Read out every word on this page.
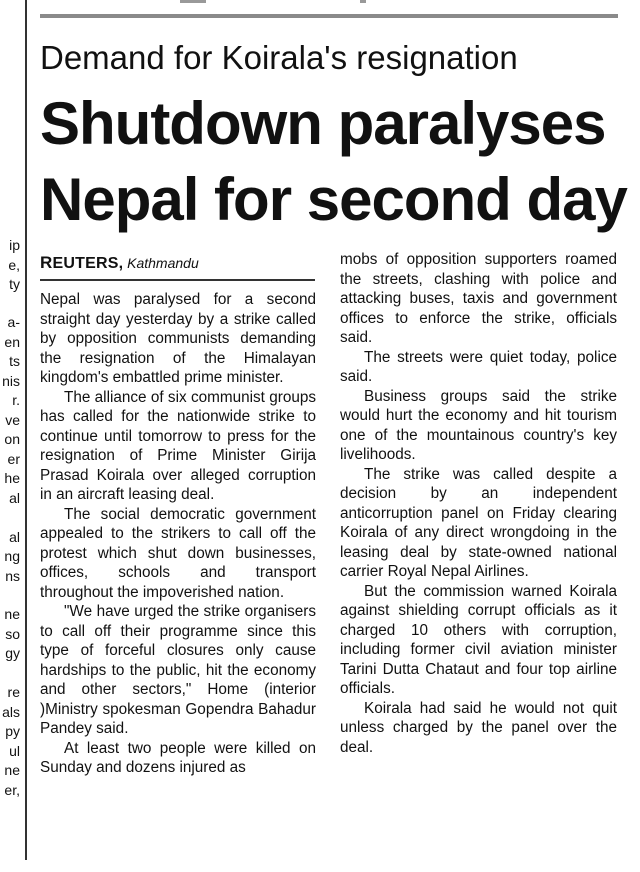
ip
e,
ty
a-
en
ts
nis
r.
ve
on
er
he
al
al
ng
ns
ne
so
gy
re
als
py
ul
ne
er,
Demand for Koirala's resignation
Shutdown paralyses
Nepal for second day
REUTERS, Kathmandu

Nepal was paralysed for a second straight day yesterday by a strike called by opposition communists demanding the resignation of the Himalayan kingdom's embattled prime minister.

The alliance of six communist groups has called for the nationwide strike to continue until tomorrow to press for the resignation of Prime Minister Girija Prasad Koirala over alleged corruption in an aircraft leasing deal.

The social democratic government appealed to the strikers to call off the protest which shut down businesses, offices, schools and transport throughout the impoverished nation.

"We have urged the strike organisers to call off their programme since this type of forceful closures only cause hardships to the public, hit the economy and other sectors," Home (interior )Ministry spokesman Gopendra Bahadur Pandey said.

At least two people were killed on Sunday and dozens injured as

mobs of opposition supporters roamed the streets, clashing with police and attacking buses, taxis and government offices to enforce the strike, officials said.

The streets were quiet today, police said.

Business groups said the strike would hurt the economy and hit tourism one of the mountainous country's key livelihoods.

The strike was called despite a decision by an independent anticorruption panel on Friday clearing Koirala of any direct wrongdoing in the leasing deal by state-owned national carrier Royal Nepal Airlines.

But the commission warned Koirala against shielding corrupt officials as it charged 10 others with corruption, including former civil aviation minister Tarini Dutta Chataut and four top airline officials.

Koirala had said he would not quit unless charged by the panel over the deal.
